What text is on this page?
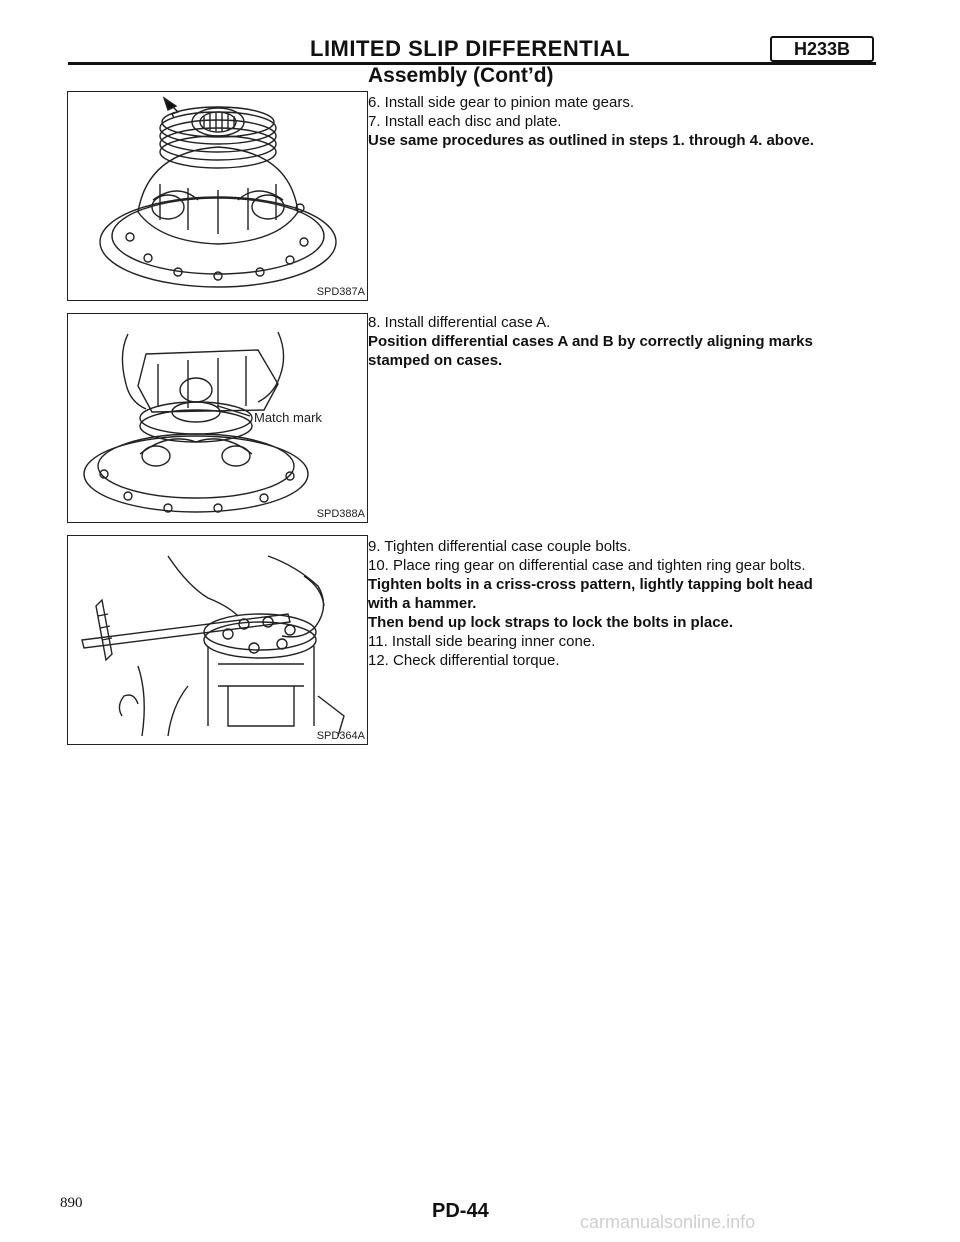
LIMITED SLIP DIFFERENTIAL	H233B
Assembly (Cont’d)
SPD387A
Match mark
SPD388A
SPD364A

6. Install side gear to pinion mate gears.

7. Install each disc and plate.

Use same procedures as outlined in steps 1. through 4. above.

8. Install differential case A.

Position differential cases A and B by correctly aligning marks

stamped on cases.

9. Tighten differential case couple bolts.

10. Place ring gear on differential case and tighten ring gear bolts.

Tighten bolts in a criss-cross pattern, lightly tapping bolt head

with a hammer.

Then bend up lock straps to lock the bolts in place.

11. Install side bearing inner cone.

12. Check differential torque.

890	PD-44	carmanualsonline.info
